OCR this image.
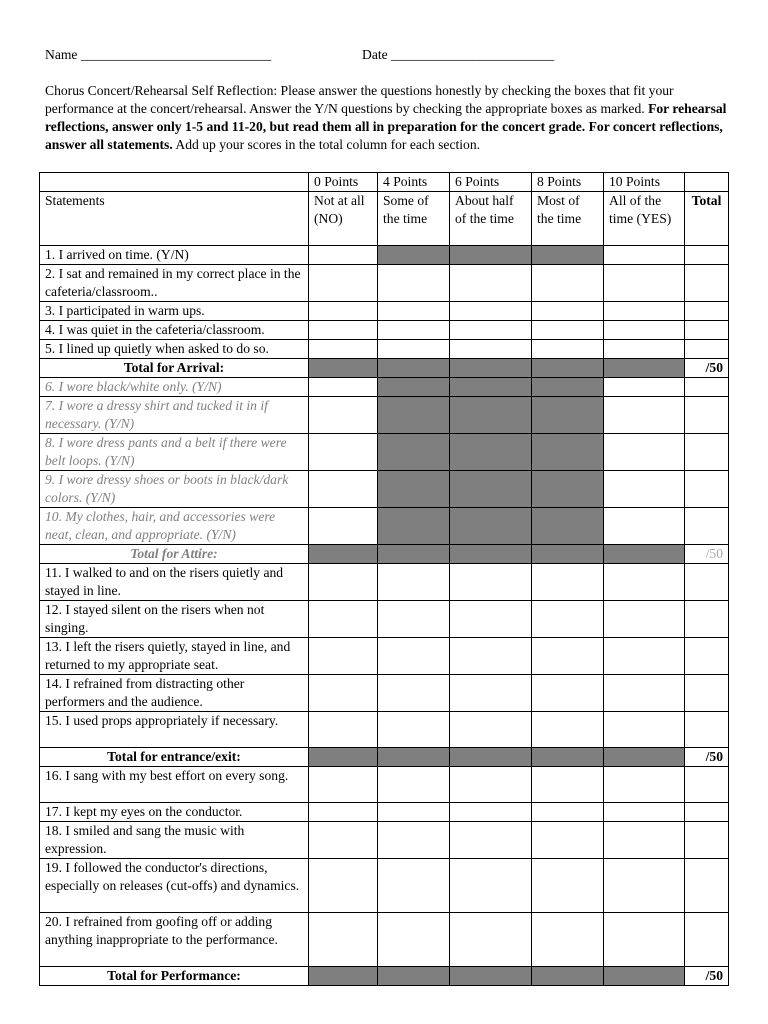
Name ____________________________	Date ________________________
Chorus Concert/Rehearsal Self Reflection: Please answer the questions honestly by checking the boxes that fit your performance at the concert/rehearsal. Answer the Y/N questions by checking the appropriate boxes as marked. For rehearsal reflections, answer only 1-5 and 11-20, but read them all in preparation for the concert grade. For concert reflections, answer all statements. Add up your scores in the total column for each section.
	0 Points	4 Points	6 Points	8 Points	10 Points	
Statements	Not at all (NO)	Some of the time	About half of the time	Most of the time	All of the time (YES)	Total
1. I arrived on time. (Y/N)						
2. I sat and remained in my correct place in the cafeteria/classroom..						
3. I participated in warm ups.						
4. I was quiet in the cafeteria/classroom.						
5. I lined up quietly when asked to do so.						
Total for Arrival:						/50
6. I wore black/white only. (Y/N)						
7. I wore a dressy shirt and tucked it in if necessary. (Y/N)						
8. I wore dress pants and a belt if there were belt loops. (Y/N)						
9. I wore dressy shoes or boots in black/dark colors. (Y/N)						
10. My clothes, hair, and accessories were neat, clean, and appropriate. (Y/N)						
Total for Attire:						/50
11. I walked to and on the risers quietly and stayed in line.						
12. I stayed silent on the risers when not singing.						
13. I left the risers quietly, stayed in line, and returned to my appropriate seat.						
14. I refrained from distracting other performers and the audience.						
15. I used props appropriately if necessary.						
Total for entrance/exit:						/50
16. I sang with my best effort on every song.						
17. I kept my eyes on the conductor.						
18. I smiled and sang the music with expression.						
19. I followed the conductor's directions, especially on releases (cut-offs) and dynamics.						
20. I refrained from goofing off or adding anything inappropriate to the performance.						
Total for Performance:						/50
